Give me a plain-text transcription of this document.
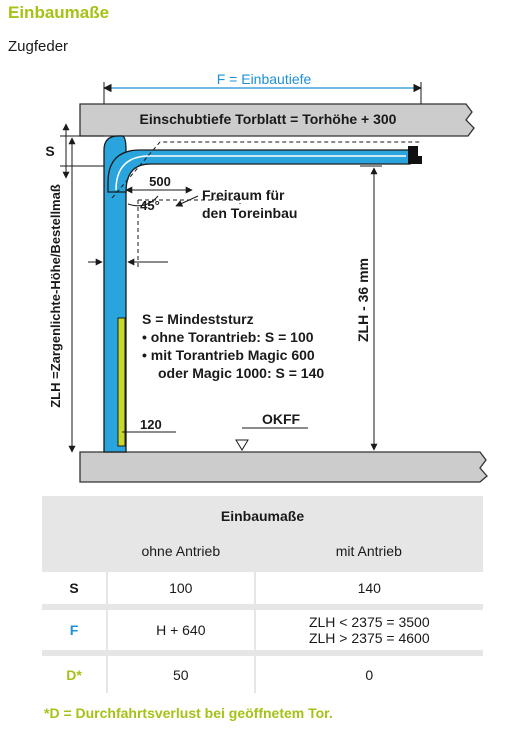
Einbaumaße
Zugfeder
F = Einbautiefe
Einschubtiefe Torblatt = Torhöhe + 300
S
500
45°
Freiraum für
den Toreinbau
ZLH =Zargenlichte-Höhe/Bestellmaß	ZLH - 36 mm
S = Mindeststurz
• ohne Torantrieb: S = 100
• mit Torantrieb Magic 600
oder Magic 1000: S = 140
120	OKFF
Einbaumaße		
	ohne Antrieb	mit Antrieb
S	100	140
F	H + 640	ZLH < 2375 = 3500
ZLH > 2375 = 4600

D*	50	0
*D = Durchfahrtsverlust bei geöffnetem Tor.
